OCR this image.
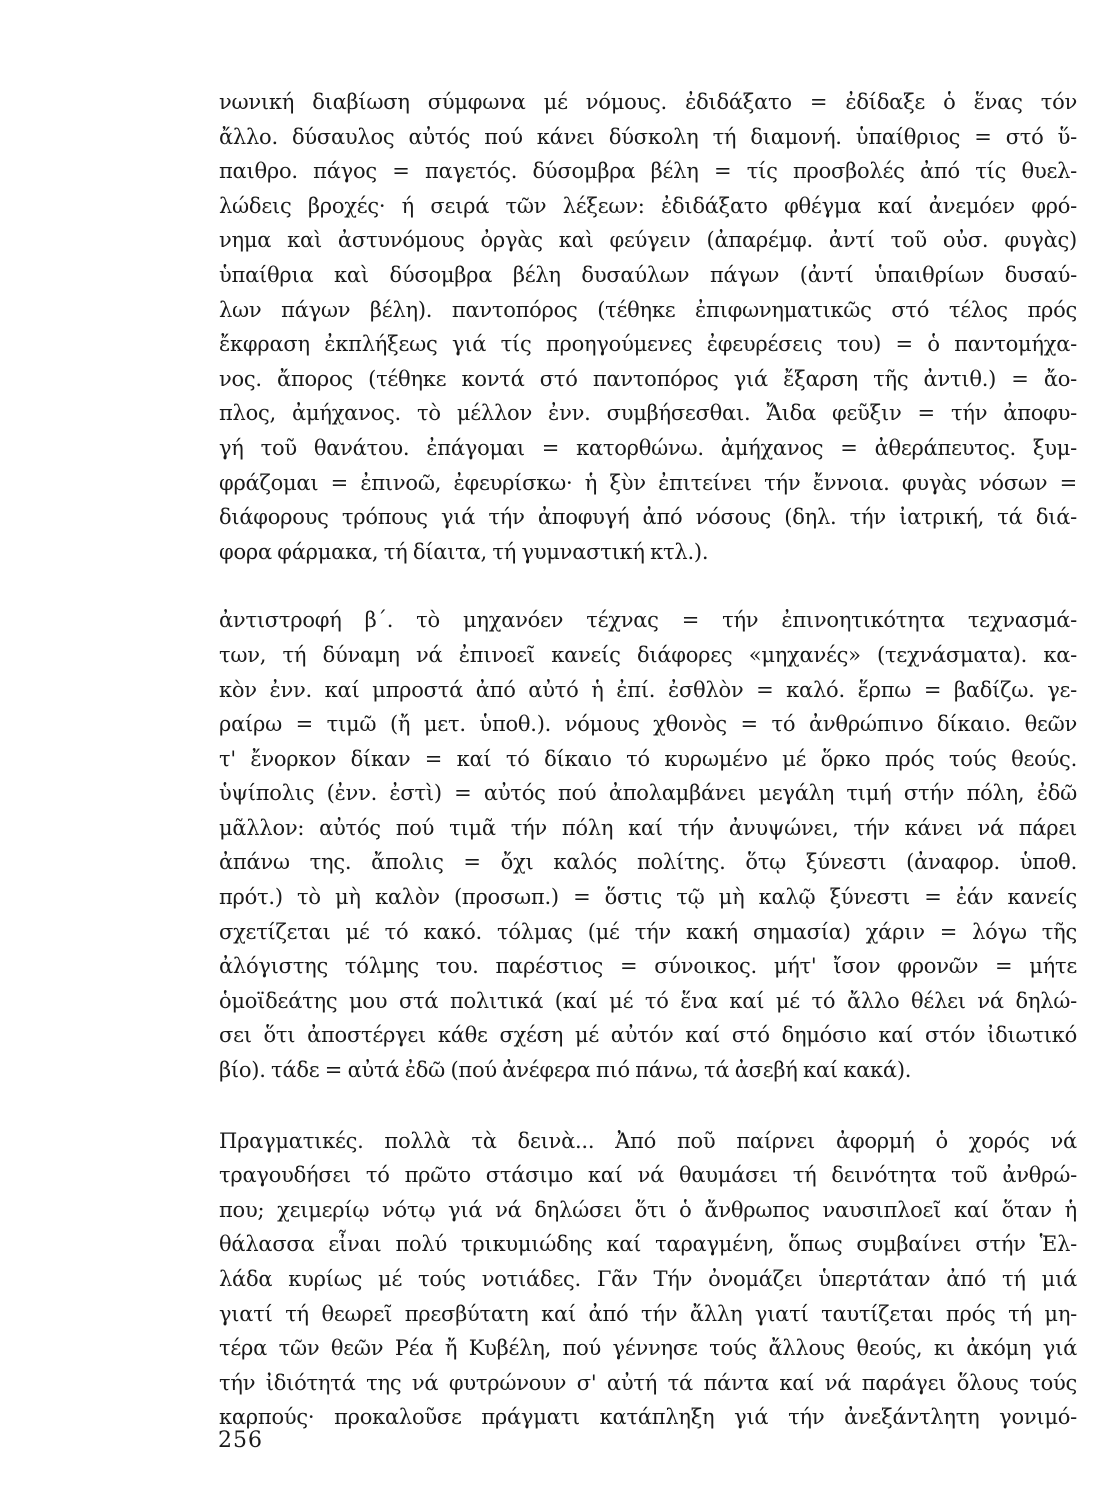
νωνική διαβίωση σύμφωνα μέ νόμους. ἐδιδάξατο = ἐδίδαξε ὁ ἕνας τόν
ἄλλο. δύσαυλος αὐτός πού κάνει δύσκολη τή διαμονή. ὑπαίθριος = στό ὕ-
παιθρο. πάγος = παγετός. δύσομβρα βέλη = τίς προσβολές ἀπό τίς θυελ-
λώδεις βροχές· ή σειρά τῶν λέξεων: ἐδιδάξατο φθέγμα καί ἀνεμόεν φρό-
νημα καὶ ἀστυνόμους ὀργὰς καὶ φεύγειν (ἀπαρέμφ. ἀντί τοῦ οὐσ. φυγὰς)
ὑπαίθρια καὶ δύσομβρα βέλη δυσαύλων πάγων (ἀντί ὑπαιθρίων δυσαύ-
λων πάγων βέλη). παντοπόρος (τέθηκε ἐπιφωνηματικῶς στό τέλος πρός
ἔκφραση ἐκπλήξεως γιά τίς προηγούμενες ἐφευρέσεις του) = ὁ παντομήχα-
νος. ἄπορος (τέθηκε κοντά στό παντοπόρος γιά ἔξαρση τῆς ἀντιθ.) = ἄο-
πλος, ἀμήχανος. τὸ μέλλον ἐνν. συμβήσεσθαι. Ἄιδα φεῦξιν = τήν ἀποφυ-
γή τοῦ θανάτου. ἐπάγομαι = κατορθώνω. ἀμήχανος = ἀθεράπευτος. ξυμ-
φράζομαι = ἐπινοῶ, ἐφευρίσκω· ἡ ξὺν ἐπιτείνει τήν ἔννοια. φυγὰς νόσων =
διάφορους τρόπους γιά τήν ἀποφυγή ἀπό νόσους (δηλ. τήν ἰατρική, τά διά-
φορα φάρμακα, τή δίαιτα, τή γυμναστική κτλ.).
ἀντιστροφή β΄. τὸ μηχανόεν τέχνας = τήν ἐπινοητικότητα τεχνασμά-
των, τή δύναμη νά ἐπινοεῖ κανείς διάφορες «μηχανές» (τεχνάσματα). κα-
κὸν ἐνν. καί μπροστά ἀπό αὐτό ἡ ἐπί. ἐσθλὸν = καλό. ἕρπω = βαδίζω. γε-
ραίρω = τιμῶ (ἤ μετ. ὑποθ.). νόμους χθονὸς = τό ἀνθρώπινο δίκαιο. θεῶν
τ' ἔνορκον δίκαν = καί τό δίκαιο τό κυρωμένο μέ ὅρκο πρός τούς θεούς.
ὑψίπολις (ἐνν. ἐστὶ) = αὐτός πού ἀπολαμβάνει μεγάλη τιμή στήν πόλη, ἐδῶ
μᾶλλον: αὐτός πού τιμᾶ τήν πόλη καί τήν ἀνυψώνει, τήν κάνει νά πάρει
ἀπάνω της. ἄπολις = ὄχι καλός πολίτης. ὅτῳ ξύνεστι (ἀναφορ. ὑποθ.
πρότ.) τὸ μὴ καλὸν (προσωπ.) = ὅστις τῷ μὴ καλῷ ξύνεστι = ἐάν κανείς
σχετίζεται μέ τό κακό. τόλμας (μέ τήν κακή σημασία) χάριν = λόγω τῆς
ἀλόγιστης τόλμης του. παρέστιος = σύνοικος. μήτ' ἴσον φρονῶν = μήτε
ὁμοϊδεάτης μου στά πολιτικά (καί μέ τό ἕνα καί μέ τό ἄλλο θέλει νά δηλώ-
σει ὅτι ἀποστέργει κάθε σχέση μέ αὐτόν καί στό δημόσιο καί στόν ἰδιωτικό
βίο). τάδε = αὐτά ἐδῶ (πού ἀνέφερα πιό πάνω, τά ἀσεβή καί κακά).
Πραγματικές. πολλὰ τὰ δεινὰ... Ἀπό ποῦ παίρνει ἀφορμή ὁ χορός νά
τραγουδήσει τό πρῶτο στάσιμο καί νά θαυμάσει τή δεινότητα τοῦ ἀνθρώ-
που; χειμερίῳ νότῳ γιά νά δηλώσει ὅτι ὁ ἄνθρωπος ναυσιπλοεῖ καί ὅταν ἡ
θάλασσα εἶναι πολύ τρικυμιώδης καί ταραγμένη, ὅπως συμβαίνει στήν Ἑλ-
λάδα κυρίως μέ τούς νοτιάδες. Γᾶν Τήν ὀνομάζει ὑπερτάταν ἀπό τή μιά
γιατί τή θεωρεῖ πρεσβύτατη καί ἀπό τήν ἄλλη γιατί ταυτίζεται πρός τή μη-
τέρα τῶν θεῶν Ρέα ἤ Κυβέλη, πού γέννησε τούς ἄλλους θεούς, κι ἀκόμη γιά
τήν ἰδιότητά της νά φυτρώνουν σ' αὐτή τά πάντα καί νά παράγει ὅλους τούς
καρπούς· προκαλοῦσε πράγματι κατάπληξη γιά τήν ἀνεξάντλητη γονιμό-
256
